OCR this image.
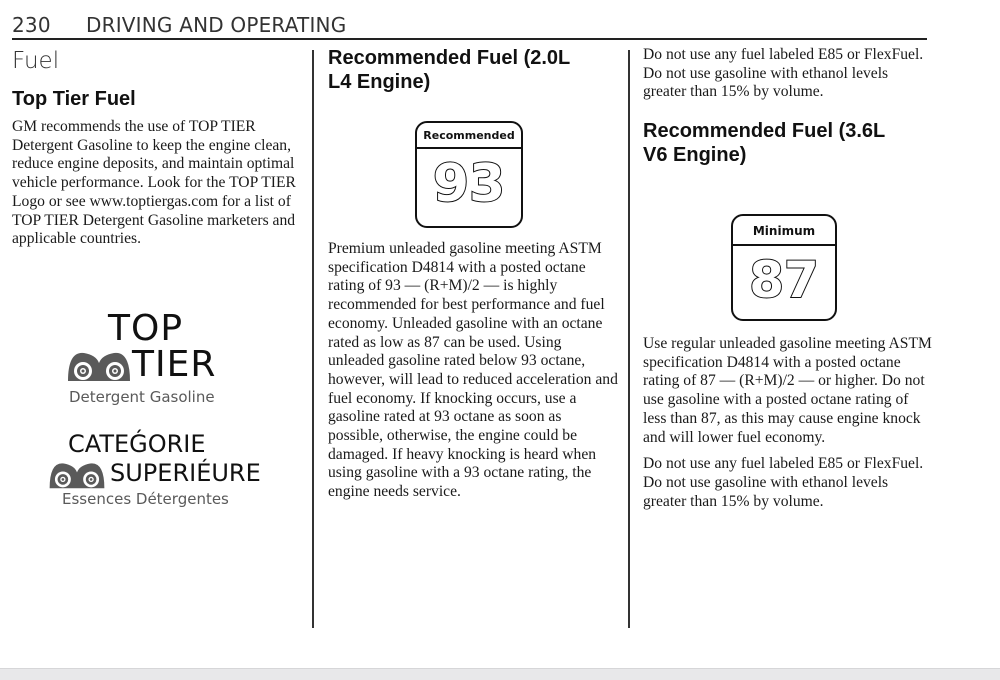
230 DRIVING AND OPERATING
Fuel
Top Tier Fuel

GM recommends the use of TOP TIER Detergent Gasoline to keep the engine clean, reduce engine deposits, and maintain optimal vehicle performance. Look for the TOP TIER Logo or see www.toptiergas.com for a list of TOP TIER Detergent Gasoline marketers and applicable countries.

TOP
TIER
Detergent Gasoline
CATEǴORIE
SUPERIÉURE
Essences Détergentes
Recommended Fuel (2.0L L4 Engine)
Recommended
93

Premium unleaded gasoline meeting ASTM specification D4814 with a posted octane rating of 93 — (R+M)/2 — is highly recommended for best performance and fuel economy. Unleaded gasoline with an octane rated as low as 87 can be used. Using unleaded gasoline rated below 93 octane, however, will lead to reduced acceleration and fuel economy. If knocking occurs, use a gasoline rated at 93 octane as soon as possible, otherwise, the engine could be damaged. If heavy knocking is heard when using gasoline with a 93 octane rating, the engine needs service.

Do not use any fuel labeled E85 or FlexFuel. Do not use gasoline with ethanol levels greater than 15% by volume.

Recommended Fuel (3.6L V6 Engine)
Minimum
87

Use regular unleaded gasoline meeting ASTM specification D4814 with a posted octane rating of 87 — (R+M)/2 — or higher. Do not use gasoline with a posted octane rating of less than 87, as this may cause engine knock and will lower fuel economy.

Do not use any fuel labeled E85 or FlexFuel. Do not use gasoline with ethanol levels greater than 15% by volume.
